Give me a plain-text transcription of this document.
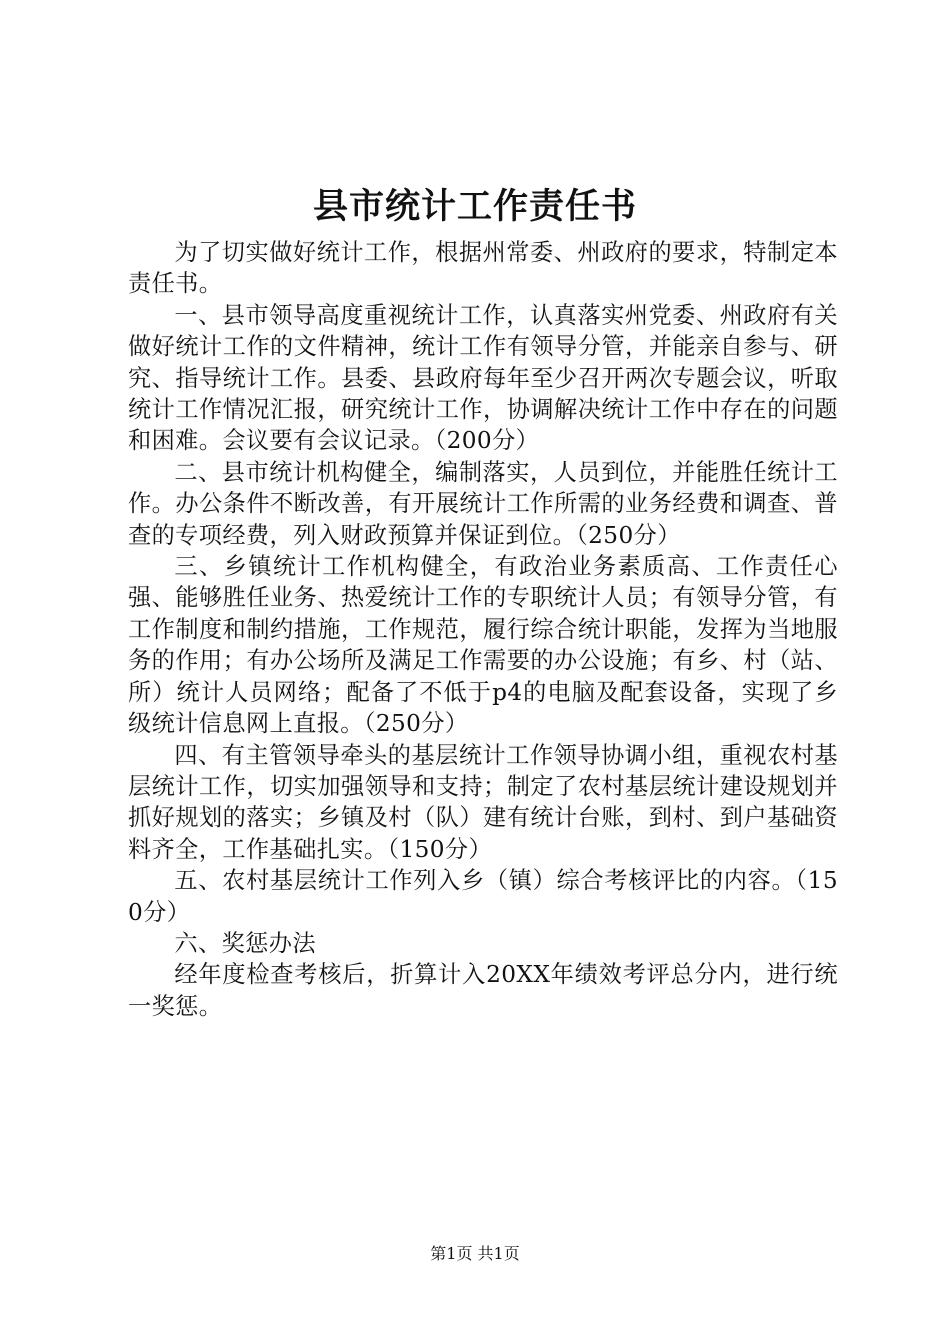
县市统计工作责任书

为了切实做好统计工作，根据州常委、州政府的要求，特制定本责任书。

一、县市领导高度重视统计工作，认真落实州党委、州政府有关做好统计工作的文件精神，统计工作有领导分管，并能亲自参与、研究、指导统计工作。县委、县政府每年至少召开两次专题会议，听取统计工作情况汇报，研究统计工作，协调解决统计工作中存在的问题和困难。会议要有会议记录。（200分）

二、县市统计机构健全，编制落实，人员到位，并能胜任统计工作。办公条件不断改善，有开展统计工作所需的业务经费和调查、普查的专项经费，列入财政预算并保证到位。（250分）

三、乡镇统计工作机构健全，有政治业务素质高、工作责任心强、能够胜任业务、热爱统计工作的专职统计人员；有领导分管，有工作制度和制约措施，工作规范，履行综合统计职能，发挥为当地服务的作用；有办公场所及满足工作需要的办公设施；有乡、村（站、所）统计人员网络；配备了不低于p4的电脑及配套设备，实现了乡级统计信息网上直报。（250分）

四、有主管领导牵头的基层统计工作领导协调小组，重视农村基层统计工作，切实加强领导和支持；制定了农村基层统计建设规划并抓好规划的落实；乡镇及村（队）建有统计台账，到村、到户基础资料齐全，工作基础扎实。（150分）

五、农村基层统计工作列入乡（镇）综合考核评比的内容。（150分）

六、奖惩办法

经年度检查考核后，折算计入20XX年绩效考评总分内，进行统一奖惩。

第1页 共1页
